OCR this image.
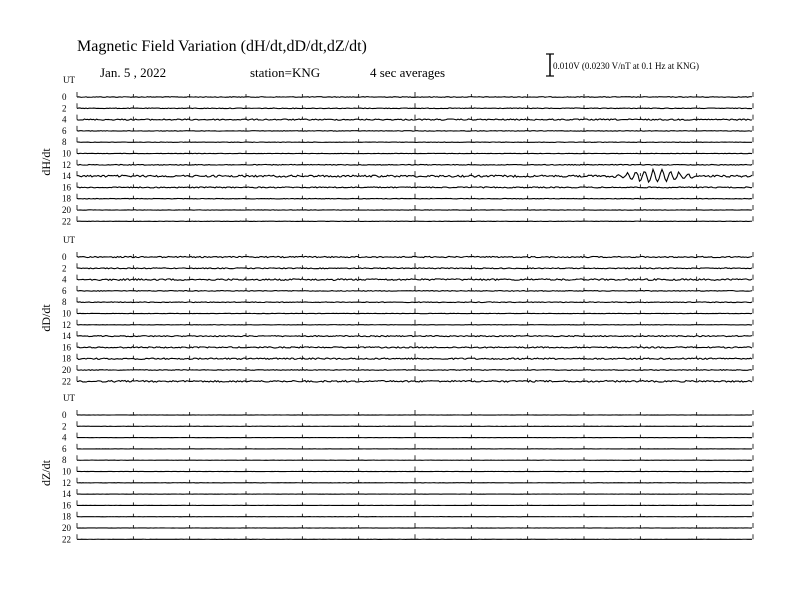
Magnetic Field Variation (dH/dt,dD/dt,dZ/dt)
Jan. 5 , 2022	station=KNG	4 sec averages	0.010V (0.0230 V/nT at 0.1 Hz at KNG)
UT
dH/dt
0
2
4
6
8
10
12
14
16
18
20
22
UT
dD/dt
0
2
4
6
8
10
12
14
16
18
20
22
UT
dZ/dt
0
2
4
6
8
10
12
14
16
18
20
22
